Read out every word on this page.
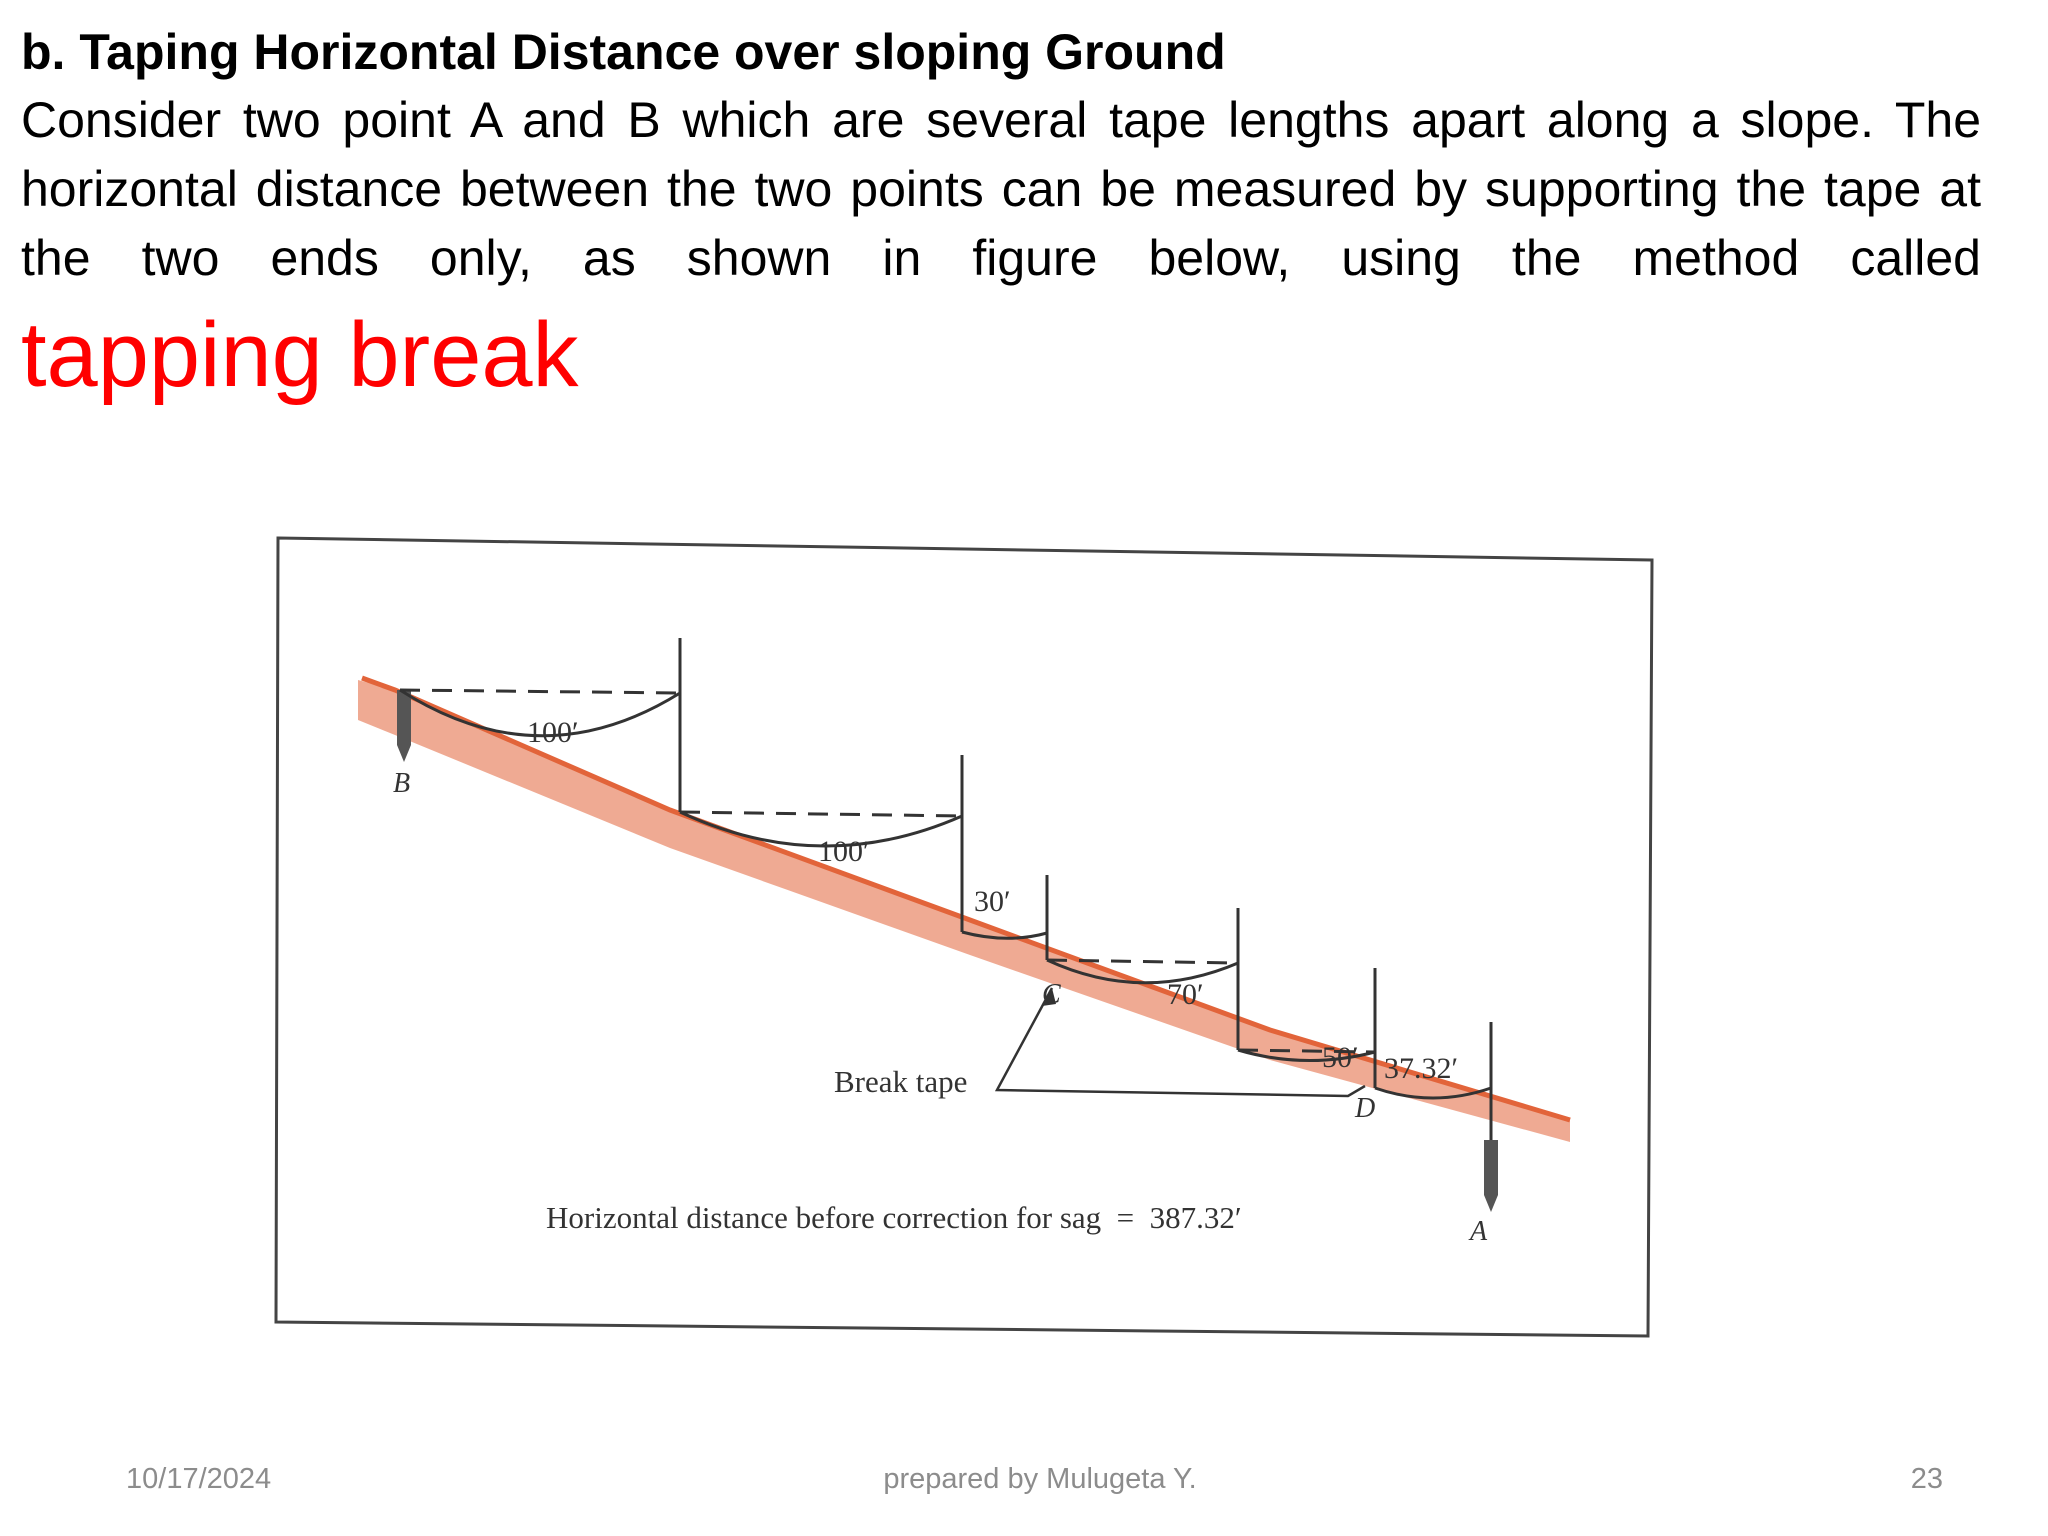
b. Taping Horizontal Distance over sloping Ground

Consider two point A and B which are several tape lengths apart along a slope. The horizontal distance between the two points can be measured by supporting the tape at the two ends only, as shown in figure below, using the method called

tapping break
100′
100′
30′
70′
50′ 37.32′
B
A
C
D
Break tape
Horizontal distance before correction for sag  =  387.32′
10/17/2024	prepared by Mulugeta Y.	23
